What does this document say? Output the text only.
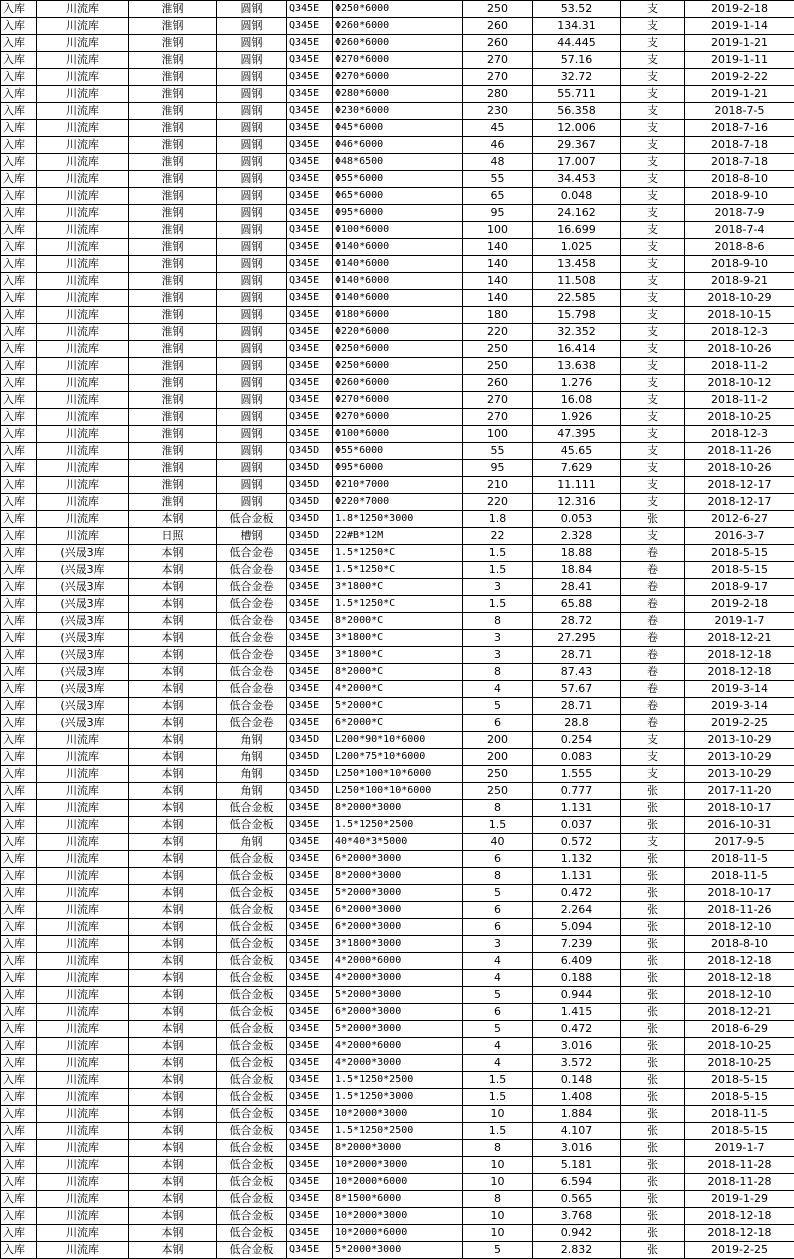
入库	川流库	淮钢	圆钢	Q345E	Φ250*6000	250	53.52	支	2019-2-18
入库	川流库	淮钢	圆钢	Q345E	Φ260*6000	260	134.31	支	2019-1-14
入库	川流库	淮钢	圆钢	Q345E	Φ260*6000	260	44.445	支	2019-1-21
入库	川流库	淮钢	圆钢	Q345E	Φ270*6000	270	57.16	支	2019-1-11
入库	川流库	淮钢	圆钢	Q345E	Φ270*6000	270	32.72	支	2019-2-22
入库	川流库	淮钢	圆钢	Q345E	Φ280*6000	280	55.711	支	2019-1-21
入库	川流库	淮钢	圆钢	Q345E	Φ230*6000	230	56.358	支	2018-7-5
入库	川流库	淮钢	圆钢	Q345E	Φ45*6000	45	12.006	支	2018-7-16
入库	川流库	淮钢	圆钢	Q345E	Φ46*6000	46	29.367	支	2018-7-18
入库	川流库	淮钢	圆钢	Q345E	Φ48*6500	48	17.007	支	2018-7-18
入库	川流库	淮钢	圆钢	Q345E	Φ55*6000	55	34.453	支	2018-8-10
入库	川流库	淮钢	圆钢	Q345E	Φ65*6000	65	0.048	支	2018-9-10
入库	川流库	淮钢	圆钢	Q345E	Φ95*6000	95	24.162	支	2018-7-9
入库	川流库	淮钢	圆钢	Q345E	Φ100*6000	100	16.699	支	2018-7-4
入库	川流库	淮钢	圆钢	Q345E	Φ140*6000	140	1.025	支	2018-8-6
入库	川流库	淮钢	圆钢	Q345E	Φ140*6000	140	13.458	支	2018-9-10
入库	川流库	淮钢	圆钢	Q345E	Φ140*6000	140	11.508	支	2018-9-21
入库	川流库	淮钢	圆钢	Q345E	Φ140*6000	140	22.585	支	2018-10-29
入库	川流库	淮钢	圆钢	Q345E	Φ180*6000	180	15.798	支	2018-10-15
入库	川流库	淮钢	圆钢	Q345E	Φ220*6000	220	32.352	支	2018-12-3
入库	川流库	淮钢	圆钢	Q345E	Φ250*6000	250	16.414	支	2018-10-26
入库	川流库	淮钢	圆钢	Q345E	Φ250*6000	250	13.638	支	2018-11-2
入库	川流库	淮钢	圆钢	Q345E	Φ260*6000	260	1.276	支	2018-10-12
入库	川流库	淮钢	圆钢	Q345E	Φ270*6000	270	16.08	支	2018-11-2
入库	川流库	淮钢	圆钢	Q345E	Φ270*6000	270	1.926	支	2018-10-25
入库	川流库	淮钢	圆钢	Q345E	Φ100*6000	100	47.395	支	2018-12-3
入库	川流库	淮钢	圆钢	Q345D	Φ55*6000	55	45.65	支	2018-11-26
入库	川流库	淮钢	圆钢	Q345D	Φ95*6000	95	7.629	支	2018-10-26
入库	川流库	淮钢	圆钢	Q345D	Φ210*7000	210	11.111	支	2018-12-17
入库	川流库	淮钢	圆钢	Q345D	Φ220*7000	220	12.316	支	2018-12-17
入库	川流库	本钢	低合金板	Q345D	1.8*1250*3000	1.8	0.053	张	2012-6-27
入库	川流库	日照	槽钢	Q345D	22#B*12M	22	2.328	支	2016-3-7
入库	(兴晟3库	本钢	低合金卷	Q345E	1.5*1250*C	1.5	18.88	卷	2018-5-15
入库	(兴晟3库	本钢	低合金卷	Q345E	1.5*1250*C	1.5	18.84	卷	2018-5-15
入库	(兴晟3库	本钢	低合金卷	Q345E	3*1800*C	3	28.41	卷	2018-9-17
入库	(兴晟3库	本钢	低合金卷	Q345E	1.5*1250*C	1.5	65.88	卷	2019-2-18
入库	(兴晟3库	本钢	低合金卷	Q345E	8*2000*C	8	28.72	卷	2019-1-7
入库	(兴晟3库	本钢	低合金卷	Q345E	3*1800*C	3	27.295	卷	2018-12-21
入库	(兴晟3库	本钢	低合金卷	Q345E	3*1800*C	3	28.71	卷	2018-12-18
入库	(兴晟3库	本钢	低合金卷	Q345E	8*2000*C	8	87.43	卷	2018-12-18
入库	(兴晟3库	本钢	低合金卷	Q345E	4*2000*C	4	57.67	卷	2019-3-14
入库	(兴晟3库	本钢	低合金卷	Q345E	5*2000*C	5	28.71	卷	2019-3-14
入库	(兴晟3库	本钢	低合金卷	Q345E	6*2000*C	6	28.8	卷	2019-2-25
入库	川流库	本钢	角钢	Q345D	L200*90*10*6000	200	0.254	支	2013-10-29
入库	川流库	本钢	角钢	Q345D	L200*75*10*6000	200	0.083	支	2013-10-29
入库	川流库	本钢	角钢	Q345D	L250*100*10*6000	250	1.555	支	2013-10-29
入库	川流库	本钢	角钢	Q345D	L250*100*10*6000	250	0.777	张	2017-11-20
入库	川流库	本钢	低合金板	Q345E	8*2000*3000	8	1.131	张	2018-10-17
入库	川流库	本钢	低合金板	Q345E	1.5*1250*2500	1.5	0.037	张	2016-10-31
入库	川流库	本钢	角钢	Q345E	40*40*3*5000	40	0.572	支	2017-9-5
入库	川流库	本钢	低合金板	Q345E	6*2000*3000	6	1.132	张	2018-11-5
入库	川流库	本钢	低合金板	Q345E	8*2000*3000	8	1.131	张	2018-11-5
入库	川流库	本钢	低合金板	Q345E	5*2000*3000	5	0.472	张	2018-10-17
入库	川流库	本钢	低合金板	Q345E	6*2000*3000	6	2.264	张	2018-11-26
入库	川流库	本钢	低合金板	Q345E	6*2000*3000	6	5.094	张	2018-12-10
入库	川流库	本钢	低合金板	Q345E	3*1800*3000	3	7.239	张	2018-8-10
入库	川流库	本钢	低合金板	Q345E	4*2000*6000	4	6.409	张	2018-12-18
入库	川流库	本钢	低合金板	Q345E	4*2000*3000	4	0.188	张	2018-12-18
入库	川流库	本钢	低合金板	Q345E	5*2000*3000	5	0.944	张	2018-12-10
入库	川流库	本钢	低合金板	Q345E	6*2000*3000	6	1.415	张	2018-12-21
入库	川流库	本钢	低合金板	Q345E	5*2000*3000	5	0.472	张	2018-6-29
入库	川流库	本钢	低合金板	Q345E	4*2000*6000	4	3.016	张	2018-10-25
入库	川流库	本钢	低合金板	Q345E	4*2000*3000	4	3.572	张	2018-10-25
入库	川流库	本钢	低合金板	Q345E	1.5*1250*2500	1.5	0.148	张	2018-5-15
入库	川流库	本钢	低合金板	Q345E	1.5*1250*3000	1.5	1.408	张	2018-5-15
入库	川流库	本钢	低合金板	Q345E	10*2000*3000	10	1.884	张	2018-11-5
入库	川流库	本钢	低合金板	Q345E	1.5*1250*2500	1.5	4.107	张	2018-5-15
入库	川流库	本钢	低合金板	Q345E	8*2000*3000	8	3.016	张	2019-1-7
入库	川流库	本钢	低合金板	Q345E	10*2000*3000	10	5.181	张	2018-11-28
入库	川流库	本钢	低合金板	Q345E	10*2000*6000	10	6.594	张	2018-11-28
入库	川流库	本钢	低合金板	Q345E	8*1500*6000	8	0.565	张	2019-1-29
入库	川流库	本钢	低合金板	Q345E	10*2000*3000	10	3.768	张	2018-12-18
入库	川流库	本钢	低合金板	Q345E	10*2000*6000	10	0.942	张	2018-12-18
入库	川流库	本钢	低合金板	Q345E	5*2000*3000	5	2.832	张	2019-2-25
